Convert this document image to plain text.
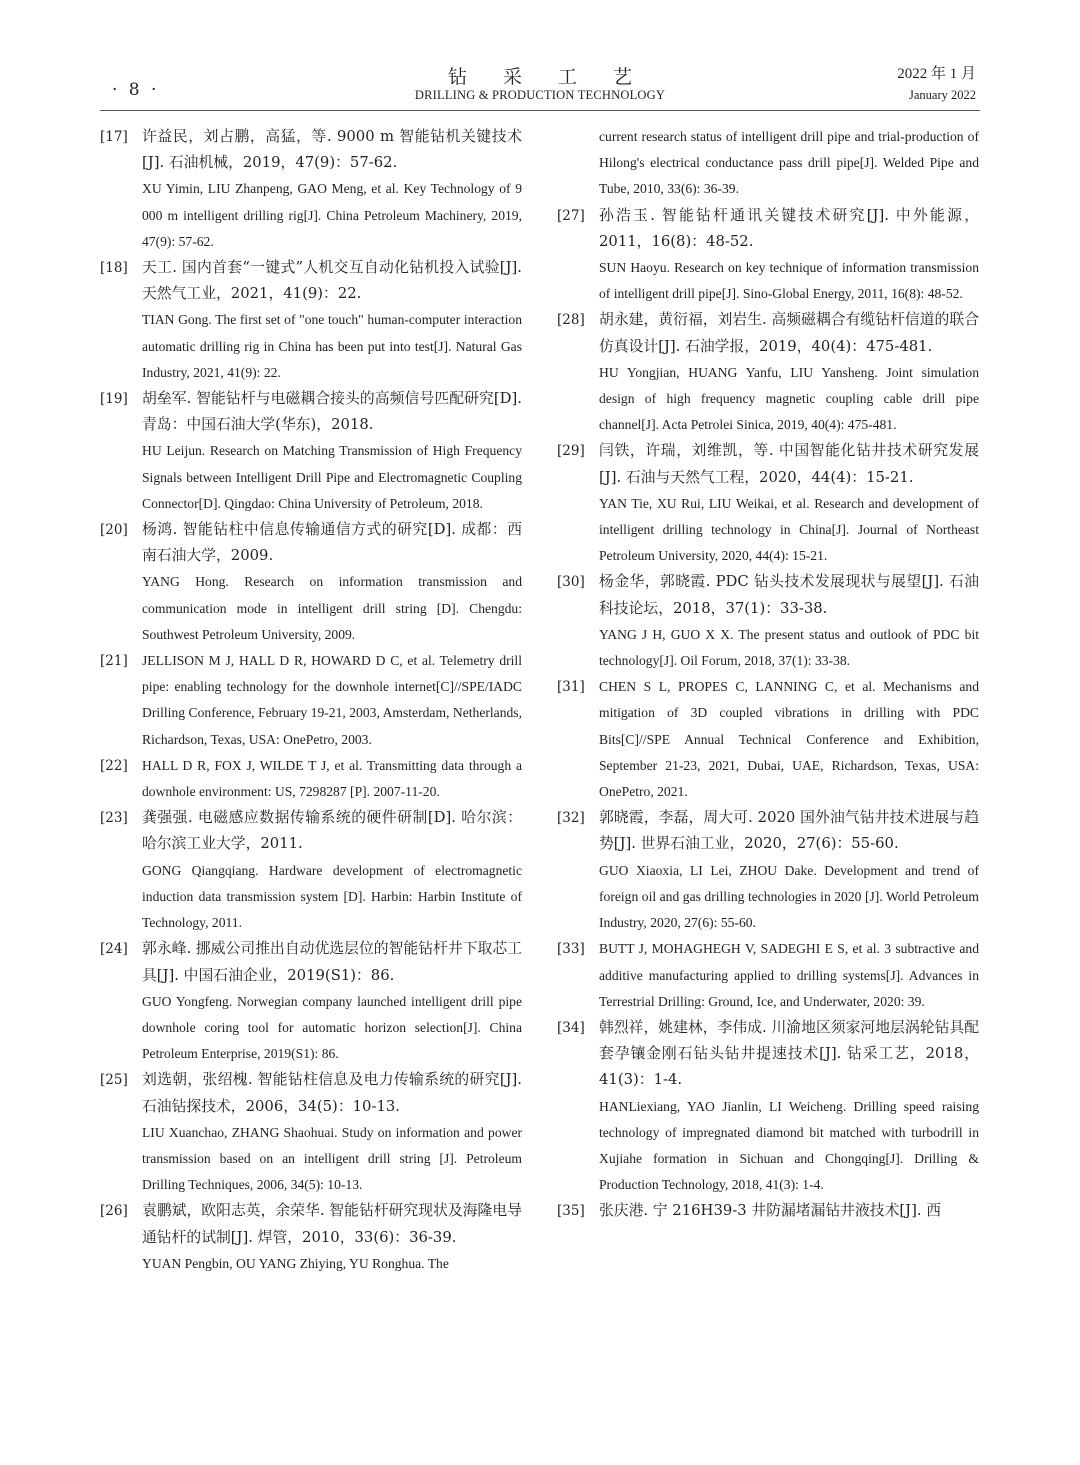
· 8 ·
钻采工艺
DRILLING & PRODUCTION TECHNOLOGY
2022 年 1 月
January 2022
[17] 许益民，刘占鹏，高猛，等. 9000 m 智能钻机关键技术[J]. 石油机械，2019，47(9)：57-62.
XU Yimin, LIU Zhanpeng, GAO Meng, et al. Key Technology of 9 000 m intelligent drilling rig[J]. China Petroleum Machinery, 2019, 47(9): 57-62.
[18] 天工. 国内首套“一键式”人机交互自动化钻机投入试验[J]. 天然气工业，2021，41(9)：22.
TIAN Gong. The first set of "one touch" human-computer interaction automatic drilling rig in China has been put into test[J]. Natural Gas Industry, 2021, 41(9): 22.
[19] 胡垒军. 智能钻杆与电磁耦合接头的高频信号匹配研究[D]. 青岛：中国石油大学(华东)，2018.
HU Leijun. Research on Matching Transmission of High Frequency Signals between Intelligent Drill Pipe and Electromagnetic Coupling Connector[D]. Qingdao: China University of Petroleum, 2018.
[20] 杨鸿. 智能钻柱中信息传输通信方式的研究[D]. 成都：西南石油大学，2009.
YANG Hong. Research on information transmission and communication mode in intelligent drill string [D]. Chengdu: Southwest Petroleum University, 2009.
[21] JELLISON M J, HALL D R, HOWARD D C, et al. Telemetry drill pipe: enabling technology for the downhole internet[C]//SPE/IADC Drilling Conference, February 19-21, 2003, Amsterdam, Netherlands, Richardson, Texas, USA: OnePetro, 2003.
[22] HALL D R, FOX J, WILDE T J, et al. Transmitting data through a downhole environment: US, 7298287 [P]. 2007-11-20.
[23] 龚强强. 电磁感应数据传输系统的硬件研制[D]. 哈尔滨：哈尔滨工业大学，2011.
GONG Qiangqiang. Hardware development of electromagnetic induction data transmission system [D]. Harbin: Harbin Institute of Technology, 2011.
[24] 郭永峰. 挪威公司推出自动优选层位的智能钻杆井下取芯工具[J]. 中国石油企业，2019(S1)：86.
GUO Yongfeng. Norwegian company launched intelligent drill pipe downhole coring tool for automatic horizon selection[J]. China Petroleum Enterprise, 2019(S1): 86.
[25] 刘选朝，张绍槐. 智能钻柱信息及电力传输系统的研究[J]. 石油钻探技术，2006，34(5)：10-13.
LIU Xuanchao, ZHANG Shaohuai. Study on information and power transmission based on an intelligent drill string [J]. Petroleum Drilling Techniques, 2006, 34(5): 10-13.
[26] 袁鹏斌，欧阳志英，余荣华. 智能钻杆研究现状及海隆电导通钻杆的试制[J]. 焊管，2010，33(6)：36-39.
YUAN Pengbin, OU YANG Zhiying, YU Ronghua. The
current research status of intelligent drill pipe and trial-production of Hilong's electrical conductance pass drill pipe[J]. Welded Pipe and Tube, 2010, 33(6): 36-39.
[27] 孙浩玉. 智能钻杆通讯关键技术研究[J]. 中外能源，2011，16(8)：48-52.
SUN Haoyu. Research on key technique of information transmission of intelligent drill pipe[J]. Sino-Global Energy, 2011, 16(8): 48-52.
[28] 胡永建，黄衍福，刘岩生. 高频磁耦合有缆钻杆信道的联合仿真设计[J]. 石油学报，2019，40(4)：475-481.
HU Yongjian, HUANG Yanfu, LIU Yansheng. Joint simulation design of high frequency magnetic coupling cable drill pipe channel[J]. Acta Petrolei Sinica, 2019, 40(4): 475-481.
[29] 闫铁，许瑞，刘维凯，等. 中国智能化钻井技术研究发展[J]. 石油与天然气工程，2020，44(4)：15-21.
YAN Tie, XU Rui, LIU Weikai, et al. Research and development of intelligent drilling technology in China[J]. Journal of Northeast Petroleum University, 2020, 44(4): 15-21.
[30] 杨金华，郭晓霞. PDC 钻头技术发展现状与展望[J]. 石油科技论坛，2018，37(1)：33-38.
YANG J H, GUO X X. The present status and outlook of PDC bit technology[J]. Oil Forum, 2018, 37(1): 33-38.
[31] CHEN S L, PROPES C, LANNING C, et al. Mechanisms and mitigation of 3D coupled vibrations in drilling with PDC Bits[C]//SPE Annual Technical Conference and Exhibition, September 21-23, 2021, Dubai, UAE, Richardson, Texas, USA: OnePetro, 2021.
[32] 郭晓霞，李磊，周大可. 2020 国外油气钻井技术进展与趋势[J]. 世界石油工业，2020，27(6)：55-60.
GUO Xiaoxia, LI Lei, ZHOU Dake. Development and trend of foreign oil and gas drilling technologies in 2020 [J]. World Petroleum Industry, 2020, 27(6): 55-60.
[33] BUTT J, MOHAGHEGH V, SADEGHI E S, et al. 3 subtractive and additive manufacturing applied to drilling systems[J]. Advances in Terrestrial Drilling: Ground, Ice, and Underwater, 2020: 39.
[34] 韩烈祥，姚建林，李伟成. 川渝地区须家河地层涡轮钻具配套孕镶金刚石钻头钻井提速技术[J]. 钻采工艺，2018，41(3)：1-4.
HANLiexiang, YAO Jianlin, LI Weicheng. Drilling speed raising technology of impregnated diamond bit matched with turbodrill in Xujiahe formation in Sichuan and Chongqing[J]. Drilling & Production Technology, 2018, 41(3): 1-4.
[35] 张庆港. 宁 216H39-3 井防漏堵漏钻井液技术[J]. 西
